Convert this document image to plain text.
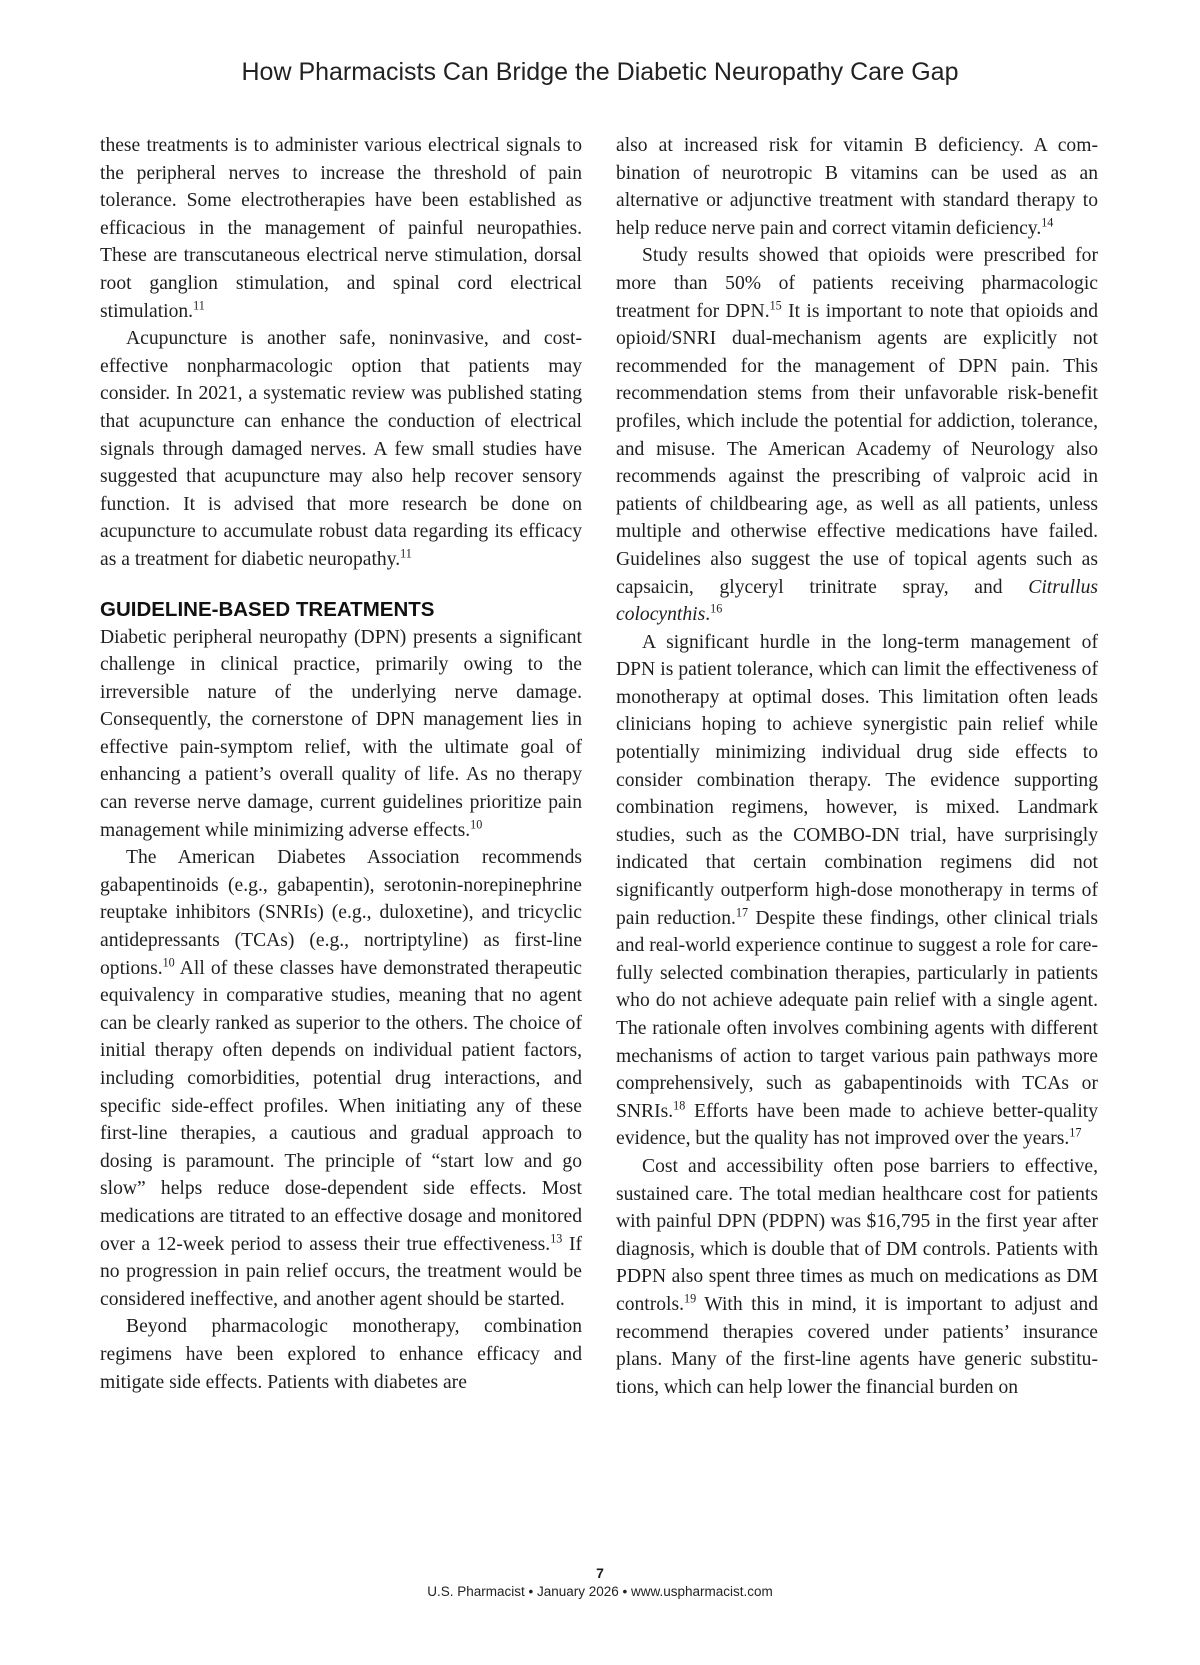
How Pharmacists Can Bridge the Diabetic Neuropathy Care Gap

these treatments is to administer various electrical signals to the peripheral nerves to increase the threshold of pain tolerance. Some electrotherapies have been established as efficacious in the management of painful neuropathies. These are transcutaneous electrical nerve stimulation, dorsal root ganglion stimulation, and spinal cord electrical stimulation.$^{11}$

Acupuncture is another safe, noninvasive, and cost-effective nonpharmacologic option that patients may consider. In 2021, a systematic review was published stating that acupuncture can enhance the conduction of electrical signals through damaged nerves. A few small studies have suggested that acupuncture may also help recover sensory function. It is advised that more research be done on acupuncture to accumulate robust data regarding its efficacy as a treatment for diabetic neuropathy.$^{11}$

GUIDELINE-BASED TREATMENTS

Diabetic peripheral neuropathy (DPN) presents a significant challenge in clinical practice, primarily owing to the irreversible nature of the underlying nerve damage. Consequently, the cornerstone of DPN management lies in effective pain-symptom relief, with the ultimate goal of enhancing a patient’s overall quality of life. As no therapy can reverse nerve damage, current guidelines prioritize pain management while minimizing adverse effects.$^{10}$

The American Diabetes Association recommends gabapentinoids (e.g., gabapentin), serotonin-norepinephrine reuptake inhibitors (SNRIs) (e.g., duloxetine), and tricyclic antidepressants (TCAs) (e.g., nortriptyline) as first-line options.$^{10}$ All of these classes have demonstrated therapeutic equivalency in comparative studies, meaning that no agent can be clearly ranked as superior to the others. The choice of initial therapy often depends on individual patient factors, including comorbidities, potential drug interactions, and specific side-effect profiles. When initiating any of these first-line therapies, a cautious and gradual approach to dosing is paramount. The principle of “start low and go slow” helps reduce dose-dependent side effects. Most medications are titrated to an effective dosage and monitored over a 12-week period to assess their true effectiveness.$^{13}$ If no progression in pain relief occurs, the treatment would be considered ineffective, and another agent should be started.

Beyond pharmacologic monotherapy, combination regimens have been explored to enhance efficacy and mitigate side effects. Patients with diabetes are

also at increased risk for vitamin B deficiency. A combination of neurotropic B vitamins can be used as an alternative or adjunctive treatment with standard therapy to help reduce nerve pain and correct vitamin deficiency.$^{14}$

Study results showed that opioids were prescribed for more than 50% of patients receiving pharmacologic treatment for DPN.$^{15}$ It is important to note that opioids and opioid/SNRI dual-mechanism agents are explicitly not recommended for the management of DPN pain. This recommendation stems from their unfavorable risk-benefit profiles, which include the potential for addiction, tolerance, and misuse. The American Academy of Neurology also recommends against the prescribing of valproic acid in patients of childbearing age, as well as all patients, unless multiple and otherwise effective medications have failed. Guidelines also suggest the use of topical agents such as capsaicin, glyceryl trinitrate spray, and Citrullus colocynthis.$^{16}$

A significant hurdle in the long-term management of DPN is patient tolerance, which can limit the effectiveness of monotherapy at optimal doses. This limitation often leads clinicians hoping to achieve synergistic pain relief while potentially minimizing individual drug side effects to consider combination therapy. The evidence supporting combination regimens, however, is mixed. Landmark studies, such as the COMBO-DN trial, have surprisingly indicated that certain combination regimens did not significantly outperform high-dose monotherapy in terms of pain reduction.$^{17}$ Despite these findings, other clinical trials and real-world experience continue to suggest a role for carefully selected combination therapies, particularly in patients who do not achieve adequate pain relief with a single agent. The rationale often involves combining agents with different mechanisms of action to target various pain pathways more comprehensively, such as gabapentinoids with TCAs or SNRIs.$^{18}$ Efforts have been made to achieve better-quality evidence, but the quality has not improved over the years.$^{17}$

Cost and accessibility often pose barriers to effective, sustained care. The total median healthcare cost for patients with painful DPN (PDPN) was $16,795 in the first year after diagnosis, which is double that of DM controls. Patients with PDPN also spent three times as much on medications as DM controls.$^{19}$ With this in mind, it is important to adjust and recommend therapies covered under patients’ insurance plans. Many of the first-line agents have generic substitutions, which can help lower the financial burden on

7
U.S. Pharmacist • January 2026 • www.uspharmacist.com
